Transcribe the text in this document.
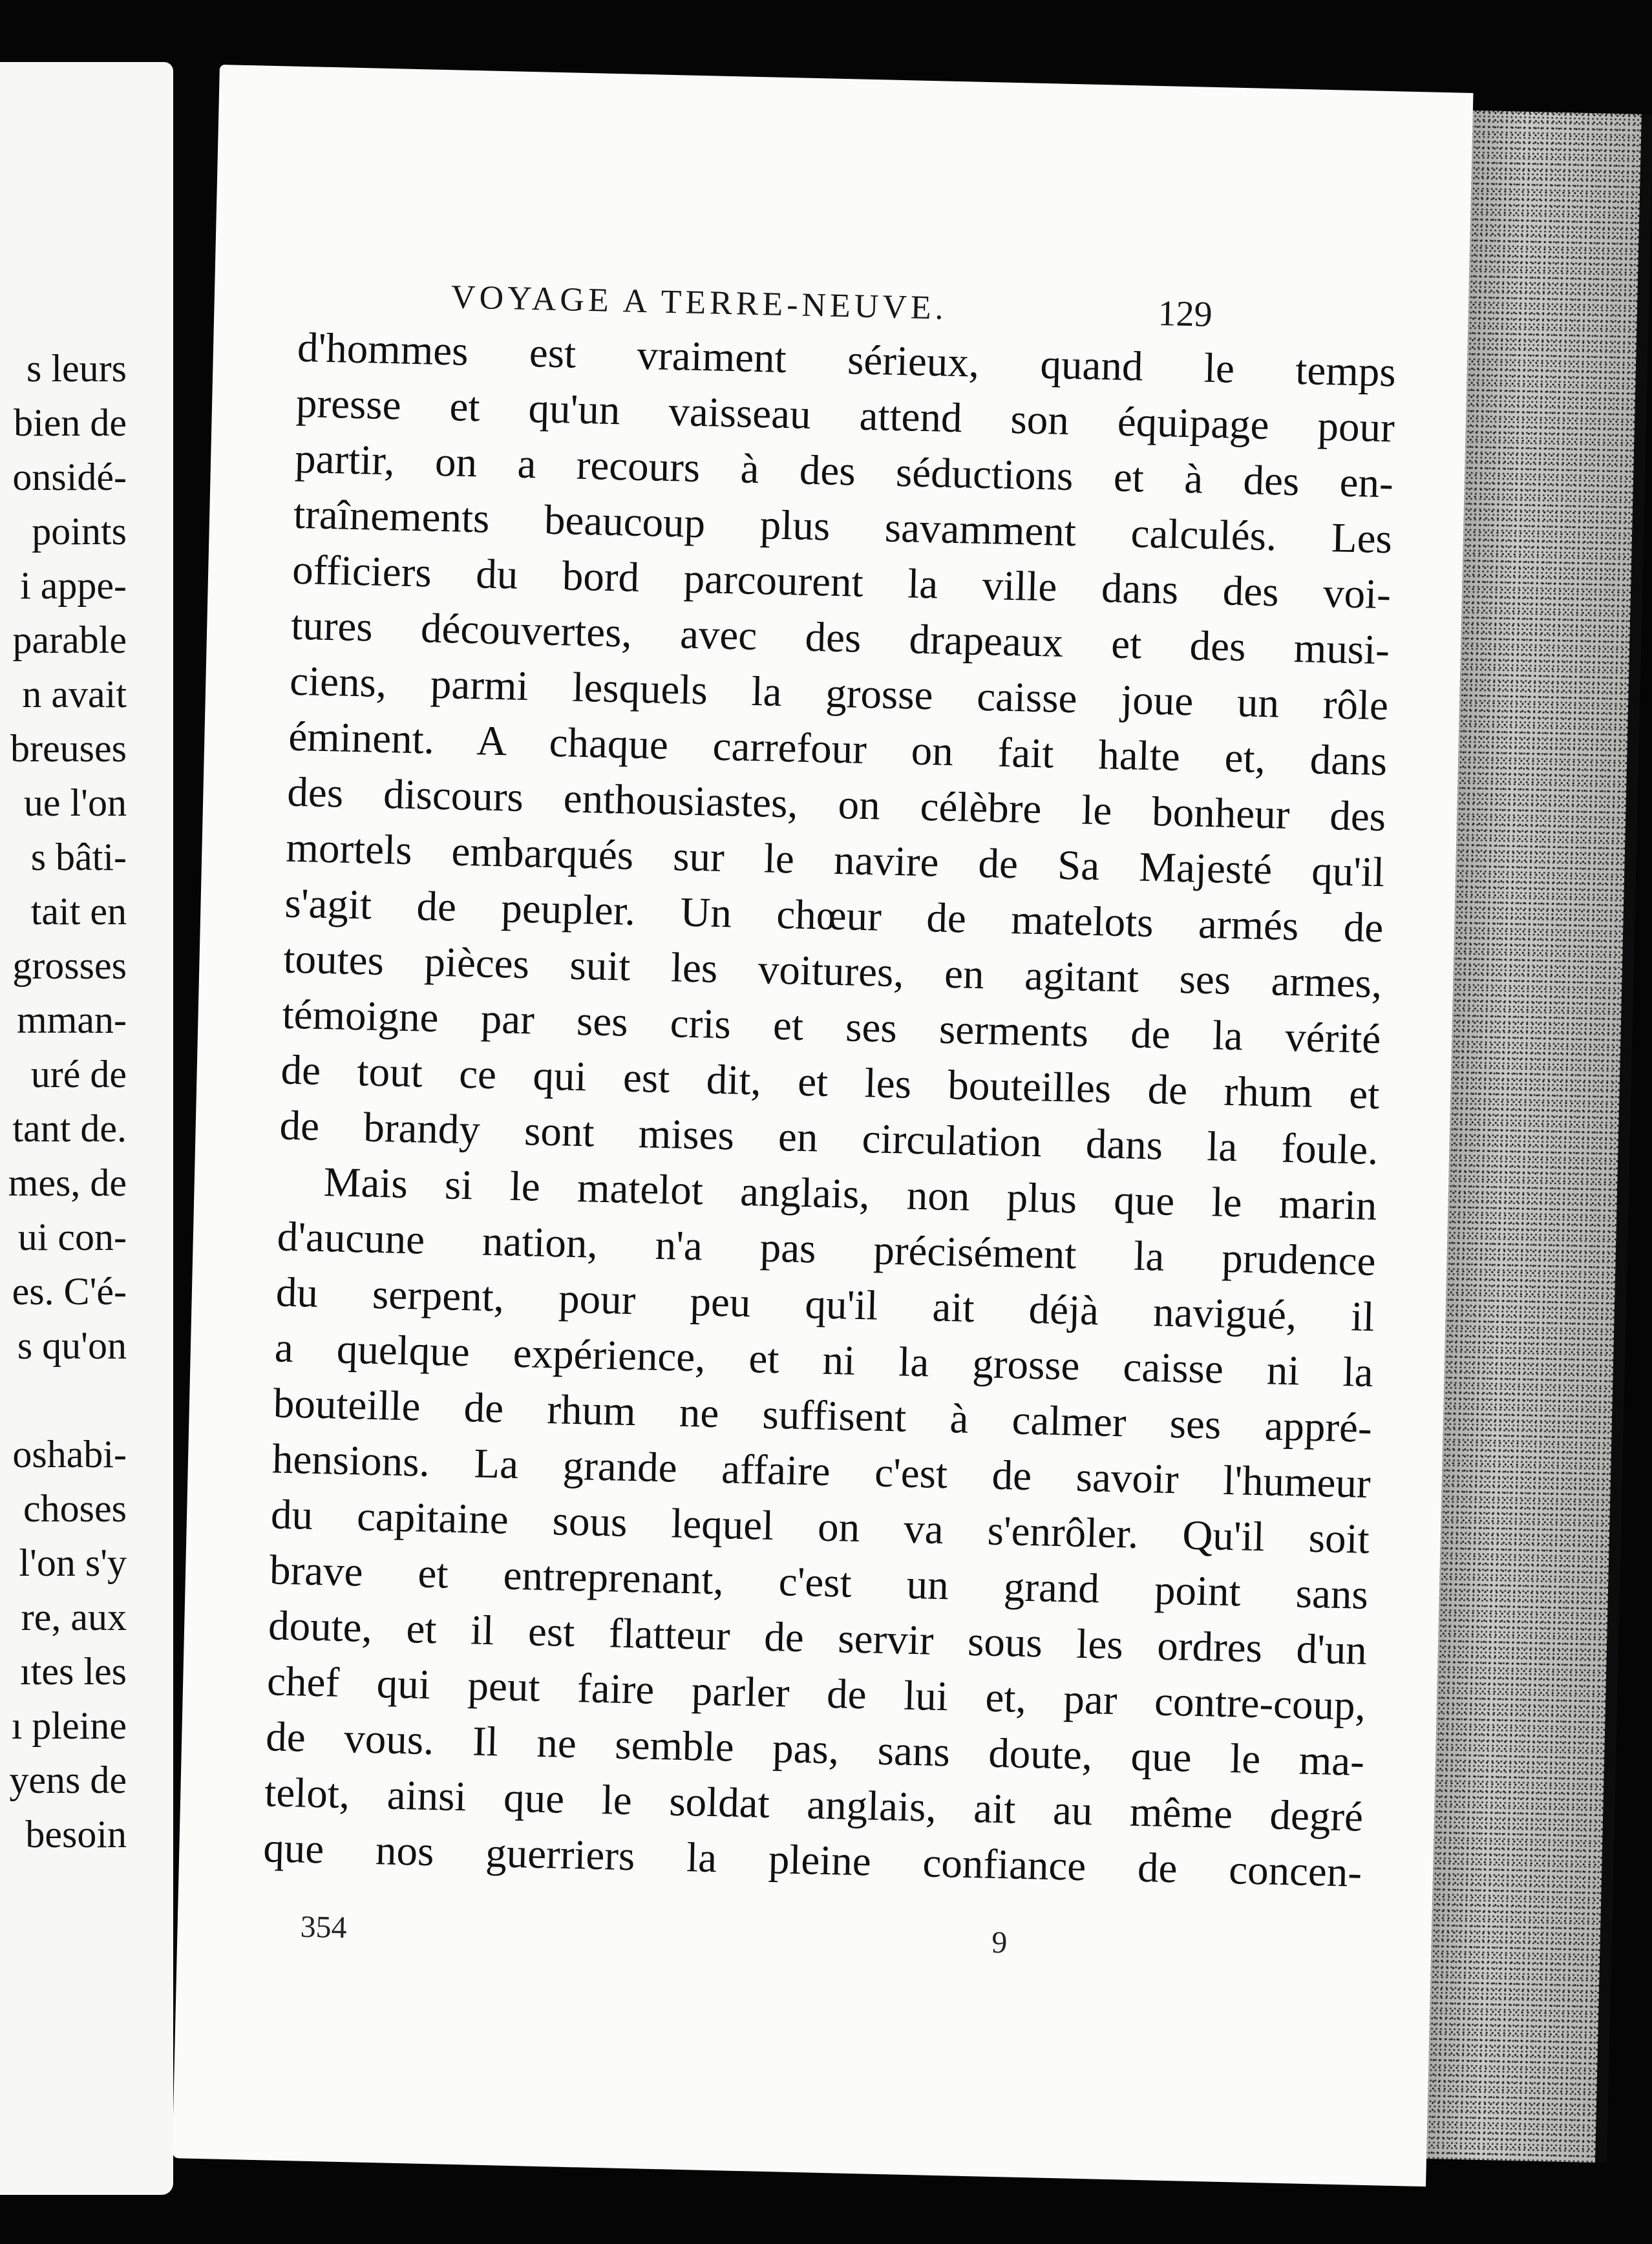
s leurs
bien de
onsidé-
points
i appe-
parable
n avait
breuses
ue l'on
s bâti-
tait en
grosses
mman-
uré de
tant de.
mes, de
ui con-
es. C'é-
s qu'on
oshabi-
choses
l'on s'y
re, aux
ıtes les
ı pleine
yens de
besoin
VOYAGE A TERRE-NEUVE.	129
d'hommes est vraiment sérieux, quand le temps
presse et qu'un vaisseau attend son équipage pour
partir, on a recours à des séductions et à des en-
traînements beaucoup plus savamment calculés. Les
officiers du bord parcourent la ville dans des voi-
tures découvertes, avec des drapeaux et des musi-
ciens, parmi lesquels la grosse caisse joue un rôle
éminent. A chaque carrefour on fait halte et, dans
des discours enthousiastes, on célèbre le bonheur des
mortels embarqués sur le navire de Sa Majesté qu'il
s'agit de peupler. Un chœur de matelots armés de
toutes pièces suit les voitures, en agitant ses armes,
témoigne par ses cris et ses serments de la vérité
de tout ce qui est dit, et les bouteilles de rhum et
de brandy sont mises en circulation dans la foule.
Mais si le matelot anglais, non plus que le marin
d'aucune nation, n'a pas précisément la prudence
du serpent, pour peu qu'il ait déjà navigué, il
a quelque expérience, et ni la grosse caisse ni la
bouteille de rhum ne suffisent à calmer ses appré-
hensions. La grande affaire c'est de savoir l'humeur
du capitaine sous lequel on va s'enrôler. Qu'il soit
brave et entreprenant, c'est un grand point sans
doute, et il est flatteur de servir sous les ordres d'un
chef qui peut faire parler de lui et, par contre-coup,
de vous. Il ne semble pas, sans doute, que le ma-
telot, ainsi que le soldat anglais, ait au même degré
que nos guerriers la pleine confiance de concen-
354	9
